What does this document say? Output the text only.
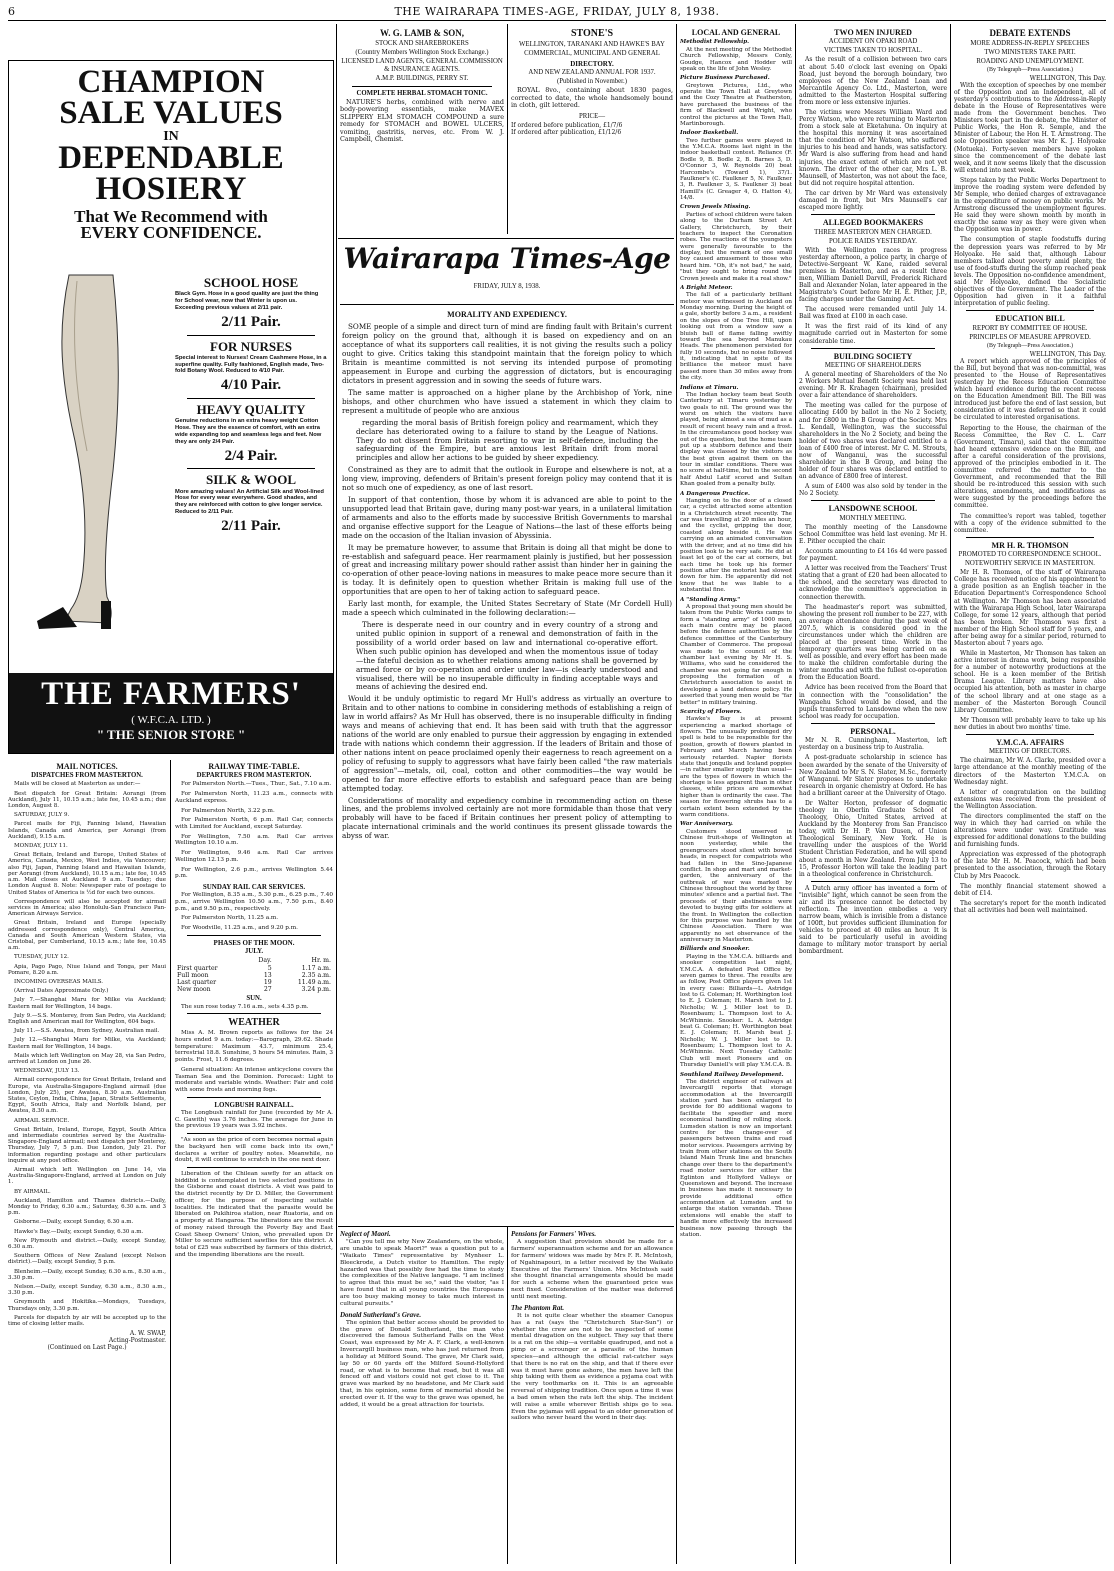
6	THE WAIRARAPA TIMES-AGE, FRIDAY, JULY 8, 1938.
CHAMPION
SALE VALUES
IN
DEPENDABLE
HOSIERY
That We Recommend with
EVERY CONFIDENCE.
SCHOOL HOSE
Black Gym. Hose in a good quality are just the thing for School wear, now that Winter is upon us. Exceeding previous values at 2/11 pair.
2/11 Pair.
FOR NURSES
Special interest to Nurses! Cream Cashmere Hose, in a superfine quality. Fully fashioned, English made, Two-fold Botany Wool. Reduced to 4/10 Pair.
4/10 Pair.
HEAVY QUALITY
Genuine reductions in an extra heavy weight Cotton Hose. They are the essence of comfort, with an extra wide expanding top and seamless legs and feet. Now they are only 2/4 Pair.
2/4 Pair.
SILK & WOOL
More amazing values! An Artificial Silk and Wool-lined Hose for every wear everywhere. Good shades, and they are reinforced with cotton to give longer service. Reduced to 2/11 Pair.
2/11 Pair.
THE FARMERS'
( W.F.C.A. LTD. )
" THE SENIOR STORE "
MAIL NOTICES.
DISPATCHES FROM MASTERTON.
Mails will be closed at Masterton as under:—
Best dispatch for Great Britain: Aorangi (from Auckland), July 11, 10.15 a.m.; late fee, 10.45 a.m.; due London, August 8.
SATURDAY, JULY 9.
Parcel mails for Fiji, Fanning Island, Hawaiian Islands, Canada and America, per Aorangi (from Auckland), 9.15 a.m.
MONDAY, JULY 11.
Great Britain, Ireland and Europe, United States of America, Canada, Mexico, West Indies, via Vancouver; also Fiji, Japan, Fanning Island and Hawaiian Islands, per Aorangi (from Auckland), 10.15 a.m.; late fee, 10.45 a.m. Mail closes at Auckland 9 a.m. Tuesday; due London August 8. Note: Newspaper rate of postage to United States of America is ½d for each two ounces.
Correspondence will also be accepted for airmail services in America; also Honolulu-San Francisco Pan-American Airways Service.
Great Britain, Ireland and Europe (specially addressed correspondence only), Central America, Canada and South American Western States, via Cristobal, per Cumberland, 10.15 a.m.; late fee, 10.45 a.m.
TUESDAY, JULY 12.
Apia, Pago Pago, Niue Island and Tonga, per Maui Pomare, 8.20 a.m.
INCOMING OVERSEAS MAILS.
(Arrival Dates Approximate Only.)
July 7.—Shanghai Maru for Milke via Auckland; Eastern mail for Wellington, 14 bags.
July 9.—S.S. Monterey, from San Pedro, via Auckland; English and American mail for Wellington, 604 bags.
July 11.—S.S. Awatea, from Sydney, Australian mail.
July 12.—Shanghai Maru for Milke, via Auckland; Eastern mail for Wellington, 14 bags.
Mails which left Wellington on May 28, via San Pedro, arrived at London on June 26.
WEDNESDAY, JULY 13.
Airmail correspondence for Great Britain, Ireland and Europe, via Australia-Singapore-England airmail (due London, July 25), per Awatea, 8.30 a.m. Australian States, Ceylon, India, China, Japan, Straits Settlements, Egypt, South Africa, Italy and Norfolk Island, per Awatea, 8.30 a.m.
AIRMAIL SERVICE.
Great Britain, Ireland, Europe, Egypt, South Africa and intermediate countries served by the Australia-Singapore-England airmail; next dispatch per Monterey, Thursday, July 7, 5 p.m. Due London, July 21. For information regarding postage and other particulars inquire at any post office.
Airmail which left Wellington on June 14, via Australia-Singapore-England, arrived at London on July 1.
BY AIRMAIL.
Auckland, Hamilton and Thames districts.—Daily, Monday to Friday, 6.30 a.m.; Saturday, 6.30 a.m. and 3 p.m.
Gisborne.—Daily, except Sunday, 6.30 a.m.
Hawke's Bay.—Daily, except Sunday, 6.30 a.m.
New Plymouth and district.—Daily, except Sunday, 6.30 a.m.
Southern Offices of New Zealand (except Nelson district).—Daily, except Sunday, 5 p.m.
Blenheim.—Daily, except Sunday, 6.30 a.m., 8.30 a.m., 3.30 p.m.
Nelson.—Daily, except Sunday, 6.30 a.m., 8.30 a.m., 3.30 p.m.
Greymouth and Hokitika.—Mondays, Tuesdays, Thursdays only, 3.30 p.m.
Parcels for dispatch by air will be accepted up to the time of closing letter mails.
A. W. SWAP,
Acting-Postmaster.
(Continued on Last Page.)
RAILWAY TIME-TABLE.
DEPARTURES FROM MASTERTON.
For Palmerston North.—Tues., Thur., Sat., 7.10 a.m.
For Palmerston North, 11.23 a.m., connects with Auckland express.
For Palmerston North, 3.22 p.m.
For Palmerston North, 6 p.m. Rail Car, connects with Limited for Auckland, except Saturday.
For Wellington, 7.50 a.m. Rail Car arrives Wellington 10.10 a.m.
For Wellington, 9.46 a.m. Rail Car arrives Wellington 12.13 p.m.
For Wellington, 2.6 p.m., arrives Wellington 5.44 p.m.
SUNDAY RAIL CAR SERVICES.
For Wellington, 8.35 a.m., 5.30 p.m., 6.25 p.m., 7.40 p.m., arrive Wellington 10.50 a.m., 7.50 p.m., 8.40 p.m., and 9.50 p.m., respectively.
For Palmerston North, 11.25 a.m.
For Woodville, 11.25 a.m., and 9.20 p.m.
PHASES OF THE MOON.
JULY.
	Day.	Hr. m.
First quarter	5	1.17 a.m.
Full moon	13	2.35 a.m.
Last quarter	19	11.49 a.m.
New moon	27	3.24 p.m.
SUN.
The sun rose today 7.16 a.m., sets 4.35 p.m.
WEATHER
Miss A. M. Brown reports as follows for the 24 hours ended 9 a.m. today:—Barograph, 29.62. Shade temperature: Maximum 43.7, minimum 25.4, terrestrial 18.8. Sunshine, 5 hours 54 minutes. Rain, 3 points. Frost, 11.6 degrees.
General situation: An intense anticyclone covers the Tasman Sea and the Dominion. Forecast: Light to moderate and variable winds. Weather: Fair and cold with some frosts and morning fogs.
LONGBUSH RAINFALL.
The Longbush rainfall for June (recorded by Mr A. C. Gawith) was 3.76 inches. The average for June in the previous 19 years was 3.92 inches.
"As soon as the price of corn becomes normal again the backyard hen will come back into its own," declares a writer of poultry notes. Meanwhile, no doubt, it will continue to scratch in the one next door.
Liberation of the Chilean sawfly for an attack on biddibid is contemplated in two selected positions in the Gisborne and coast districts. A visit was paid to the district recently by Dr D. Miller, the Government officer, for the purpose of inspecting suitable localities. He indicated that the parasite would be liberated on Pukihiroa station, near Ruatoria, and on a property at Hangaroa. The liberations are the result of money raised through the Poverty Bay and East Coast Sheep Owners' Union, who prevailed upon Dr Miller to secure sufficient sawflies for this district. A total of £25 was subscribed by farmers of this district, and the impending liberations are the result.
W. G. LAMB & SON,
STOCK AND SHAREBROKERS
(Country Members Wellington Stock Exchange.)
LICENSED LAND AGENTS, GENERAL COMMISSION & INSURANCE AGENTS.
A.M.P. BUILDINGS, PERRY ST.
COMPLETE HERBAL STOMACH TONIC.
NATURE'S herbs, combined with nerve and body-powering essentials, make MAVEX SLIPPERY ELM STOMACH COMPOUND a sure remedy for STOMACH and BOWEL ULCERS, vomiting, gastritis, nerves, etc. From W. J. Campbell, Chemist.
STONE'S
WELLINGTON, TARANAKI AND HAWKE'S BAY
COMMERCIAL, MUNICIPAL AND GENERAL
DIRECTORY.
AND NEW ZEALAND ANNUAL FOR 1937.
(Published in November.)
ROYAL 8vo., containing about 1830 pages, corrected to date, the whole handsomely bound in cloth, gilt lettered.
PRICE—
If ordered before publication, £1/7/6
If ordered after publication, £1/12/6
Wairarapa Times-Age
FRIDAY, JULY 8, 1938.
MORALITY AND EXPEDIENCY.
SOME people of a simple and direct turn of mind are finding fault with Britain's current foreign policy on the ground that, although it is based on expediency and on an acceptance of what its supporters call realities, it is not giving the results such a policy ought to give. Critics taking this standpoint maintain that the foreign policy to which Britain is meantime committed is not serving its intended purpose of promoting appeasement in Europe and curbing the aggression of dictators, but is encouraging dictators in present aggression and in sowing the seeds of future wars.
The same matter is approached on a higher plane by the Archbishop of York, nine bishops, and other churchmen who have issued a statement in which they claim to represent a multitude of people who are anxious
regarding the moral basis of British foreign policy and rearmament, which they declare has deteriorated owing to a failure to stand by the League of Nations. They do not dissent from Britain resorting to war in self-defence, including the safeguarding of the Empire, but are anxious lest Britain drift from moral principles and allow her actions to be guided by sheer expediency.
Constrained as they are to admit that the outlook in Europe and elsewhere is not, at a long view, improving, defenders of Britain's present foreign policy may contend that it is not so much one of expediency, as one of last resort.
In support of that contention, those by whom it is advanced are able to point to the unsupported lead that Britain gave, during many post-war years, in a unilateral limitation of armaments and also to the efforts made by successive British Governments to marshal and organise effective support for the League of Nations—the last of these efforts being made on the occasion of the Italian invasion of Abyssinia.
It may be premature however, to assume that Britain is doing all that might be done to re-establish and safeguard peace. Her rearmament plainly is justified, but her possession of great and increasing military power should rather assist than hinder her in gaining the co-operation of other peace-loving nations in measures to make peace more secure than it is today. It is definitely open to question whether Britain is making full use of the opportunities that are open to her of taking action to safeguard peace.
Early last month, for example, the United States Secretary of State (Mr Cordell Hull) made a speech which culminated in the following declaration:—
There is desperate need in our country and in every country of a strong and united public opinion in support of a renewal and demonstration of faith in the possibility of a world order based on law and international co-operative effort. When such public opinion has developed and when the momentous issue of today—the fateful decision as to whether relations among nations shall be governed by armed force or by co-operation and order under law—is clearly understood and visualised, there will be no insuperable difficulty in finding acceptable ways and means of achieving the desired end.
Would it be unduly optimistic to regard Mr Hull's address as virtually an overture to Britain and to other nations to combine in considering methods of establishing a reign of law in world affairs? As Mr Hull has observed, there is no insuperable difficulty in finding ways and means of achieving that end. It has been said with truth that the aggressor nations of the world are only enabled to pursue their aggression by engaging in extended trade with nations which condemn their aggression. If the leaders of Britain and those of other nations intent on peace proclaimed openly their eagerness to reach agreement on a policy of refusing to supply to aggressors what have fairly been called "the raw materials of aggression"—metals, oil, coal, cotton and other commodities—the way would be opened to far more effective efforts to establish and safeguard peace than are being attempted today.
Considerations of morality and expediency combine in recommending action on these lines, and the problems involved certainly are not more formidable than those that very probably will have to be faced if Britain continues her present policy of attempting to placate international criminals and the world continues its present glissade towards the abyss of war.
Neglect of Maori.
"Can you tell me why New Zealanders, on the whole, are unable to speak Maori?" was a question put to a "Waikato Times" representative by Mynheer L. Bleeckrode, a Dutch visitor to Hamilton. The reply hazarded was that possibly few had the time to study the complexities of the Native language. "I am inclined to agree that this must be so," said the visitor, "as I have found that in all young countries the Europeans are too busy making money to take much interest in cultural pursuits."
Donald Sutherland's Grave.
The opinion that better access should be provided to the grave of Donald Sutherland, the man who discovered the famous Sutherland Falls on the West Coast, was expressed by Mr A. F. Clark, a well-known Invercargill business man, who has just returned from a holiday at Milford Sound. The grave, Mr Clark said, lay 50 or 60 yards off the Milford Sound-Hollyford road, or what is to become that road, but it was all fenced off and visitors could not get close to it. The grave was marked by no headstone, and Mr Clark said that, in his opinion, some form of memorial should be erected over it. If the way to the grave was opened, he added, it would be a great attraction for tourists.
Pensions for Farmers' Wives.
A suggestion that provision should be made for a farmers' superannuation scheme and for an allowance for farmers' widows was made by Mrs F. R. McIntosh, of Ngahinapouri, in a letter received by the Waikato Executive of the Farmers' Union. Mrs McIntosh said she thought financial arrangements should be made for such a scheme when the guaranteed price was next fixed. Consideration of the matter was deferred until next meeting.
The Phantom Rat.
It is not quite clear whether the steamer Canopus has a rat (says the "Christchurch Star-Sun") or whether the crew are not to be suspected of some mental divagation on the subject. They say that there is a rat on the ship—a veritable quadruped, and not a pimp or a scrounger or a parasite of the human species—and although the official rat-catcher says that there is no rat on the ship, and that if there ever was it must have gone ashore, the men have left the ship taking with them as evidence a pyjama coat with the very toothmarks on it. This is an agreeable reversal of shipping tradition. Once upon a time it was a bad omen when the rats left the ship. The incident will raise a smile wherever British ships go to sea. Even the pyjamas will appeal to an older generation of sailors who never heard the word in their day.
LOCAL AND GENERAL
Methodist Fellowship.
At the next meeting of the Methodist Church Fellowship, Messrs Conly, Goudge, Hancox and Hodder will speak on the life of John Wesley.
Picture Business Purchased.
Greytown Pictures, Ltd., who operate the Town Hall at Greytown and the Cozy Theatre at Featherston, have purchased the business of the firm of Blackwell and Wright, who control the pictures at the Town Hall, Martinborough.
Indoor Basketball.
Two further games were played in the Y.M.C.A. Rooms last night in the indoor basketball contest. Reliance (F. Bodle 9, B. Bodle 2, B. Barnes 3, D. O'Connor 3, W. Reynolds 20) beat Harcombe's (Toward 1), 37/1. Faulkner's (C. Faulkner 5, N. Faulkner 3, R. Faulkner 3, S. Faulkner 3) beat Hamill's (C. Greager 4, O. Hatton 4), 14/8.
Crown Jewels Missing.
Parties of school children were taken along to the Durham Street Art Gallery, Christchurch, by their teachers to inspect the Coronation robes. The reactions of the youngsters were generally favourable to the display, but the remark of one small boy caused amusement to those who heard him. "Oh, it's not bad," he said, "but they ought to bring round the Crown jewels and make it a real show."
A Bright Meteor.
The fall of a particularly brilliant meteor was witnessed in Auckland on Monday morning. During the height of a gale, shortly before 3 a.m., a resident on the slopes of One Tree Hill, upon looking out from a window saw a bluish ball of flame falling swiftly toward the sea beyond Manukau Heads. The phenomenon persisted for fully 10 seconds, but no noise followed it, indicating that in spite of its brilliance the meteor must have passed more than 30 miles away from the city.
Indians at Timaru.
The Indian hockey team beat South Canterbury at Timaru yesterday by two goals to nil. The ground was the worst on which the visitors have played, being almost a sea of mud as a result of recent heavy rain and a frost. In the circumstances good hockey was out of the question, but the home team put up a stubborn defence and their display was classed by the visitors as the best given against them on the tour in similar conditions. There was no score at half-time, but in the second half Abdul Latif scored and Sultan Khan goaled from a penalty bully.
A Dangerous Practice.
Hanging on to the door of a closed car, a cyclist attracted some attention in a Christchurch street recently. The car was travelling at 20 miles an hour, and the cyclist, gripping the door, coasted along beside it. He was carrying on an animated conversation with the driver, and at no time did his position look to be very safe. He did at least let go of the car at corners, but each time he took up his former position after the motorist had slowed down for him. He apparently did not know that he was liable to a substantial fine.
A "Standing Army."
A proposal that young men should be taken from the Public Works camps to form a "standing army" of 1000 men, each main centre may be placed before the defence authorities by the defence committee of the Canterbury Chamber of Commerce. The proposal was made to the council of the chamber last evening by Mr H. S. Williams, who said he considered the chamber was not going far enough in proposing the formation of a Christchurch association to assist in developing a land defence policy. He asserted that young men would be "far better" in military training.
Scarcity of Flowers.
Hawke's Bay is at present experiencing a marked shortage of flowers. The unusually prolonged dry spell is held to be responsible for the position, growth of flowers planted in February and March having been seriously retarded. Napier florists state that jonquils and Iceland poppies—in rather smaller supply than usual—are the types of flowers in which the shortage is less apparent than in other classes, while prices are somewhat higher than is ordinarily the case. The season for flowering shrubs has to a certain extent been extended by the warm conditions.
War Anniversary.
Customers stood unserved in Chinese fruit-shops of Wellington at noon yesterday, while the greengrocers stood silent with bowed heads, in respect for compatriots who had fallen in the Sino-Japanese conflict. In shop and mart and market-garden, the anniversary of the outbreak of war was marked by Chinese throughout the world by three minutes' silence and a partial fast. The proceeds of their abstinence were devoted to buying gifts for soldiers at the front. In Wellington the collection for this purpose was handled by the Chinese Association. There was apparently no set observance of the anniversary in Masterton.
Billiards and Snooker.
Playing in the Y.M.C.A. billiards and snooker competition last night, Y.M.C.A. A defeated Post Office by seven games to three. The results are as follow, Post Office players given 1st in every case: Billiards—L. Astridge lost to G. Coleman; H. Worthington lost to E. J. Coleman; H. Marsh lost to J. Nicholls; W. J. Miller lost to D. Rosenbaum; L. Thompson lost to A. McWhinnie. Snooker: L. A. Astridge beat G. Coleman; H. Worthington beat E. J. Coleman; H. Marsh beat J. Nicholls; W. J. Miller lost to D. Rosenbaum; L. Thompson lost to A. McWhinnie. Next Tuesday Catholic Club will meet Pioneers and on Thursday Daniell's will play Y.M.C.A. B.
Southland Railway Development.
The district engineer of railways at Invercargill reports that storage accommodation at the Invercargill station yard has been enlarged to provide for 80 additional wagons to facilitate the speedier and more economical handling of rolling stock. Lumsden station is now an important centre for the change-over of passengers between trains and road motor services. Passengers arriving by train from other stations on the South Island Main Trunk line and branches change over there to the department's road motor services for either the Eglinton and Hollyford Valleys or Queenstown and beyond. The increase in business has made it necessary to provide additional office accommodation at Lumsden and to enlarge the station verandah. These extensions will enable the staff to handle more effectively the increased business now passing through the station.
TWO MEN INJURED
ACCIDENT ON OPAKI ROAD
VICTIMS TAKEN TO HOSPITAL.
As the result of a collision between two cars at about 5.40 o'clock last evening on Opaki Road, just beyond the borough boundary, two employees of the New Zealand Loan and Mercantile Agency Co. Ltd., Masterton, were admitted to the Masterton Hospital suffering from more or less extensive injuries.
The victims were Messrs William Ward and Percy Watson, who were returning to Masterton from a stock sale at Eketahuna. On inquiry at the hospital this morning it was ascertained that the condition of Mr Watson, who suffered injuries to his head and hands, was satisfactory. Mr Ward is also suffering from head and hand injuries, the exact extent of which are not yet known. The driver of the other car, Mrs L. B. Maunsell, of Masterton, was not about the face, but did not require hospital attention.
The car driven by Mr Ward was extensively damaged in front, but Mrs Maunsell's car escaped more lightly.
ALLEGED BOOKMAKERS
THREE MASTERTON MEN CHARGED.
POLICE RAIDS YESTERDAY.
With the Wellington races in progress yesterday afternoon, a police party, in charge of Detective-Sergeant W. Kane, raided several premises in Masterton, and as a result three men, William Daniell Darvill, Frederick Richard Ball and Alexander Nolan, later appeared in the Magistrate's Court before Mr H. E. Pither, J.P., facing charges under the Gaming Act.
The accused were remanded until July 14. Bail was fixed at £100 in each case.
It was the first raid of its kind of any magnitude carried out in Masterton for some considerable time.
BUILDING SOCIETY
MEETING OF SHAREHOLDERS
A general meeting of Shareholders of the No 2 Workers Mutual Benefit Society was held last evening. Mr R. Krahagen (chairman), presided over a fair attendance of shareholders.
The meeting was called for the purpose of allocating £400 by ballot in the No 2 Society, and for £800 in the B Group of the Society. Mrs L. Kendall, Wellington, was the successful shareholders in the No 2 Society, and being the holder of two shares was declared entitled to a loan of £400 free of interest. Mr C. M. Strouts, now of Wanganui, was the successful shareholder in the B Group, and being the holder of four shares was declared entitled to an advance of £800 free of interest.
A sum of £400 was also sold by tender in the No 2 Society.
LANSDOWNE SCHOOL
MONTHLY MEETING.
The monthly meeting of the Lansdowne School Committee was held last evening. Mr H. E. Pither occupied the chair.
Accounts amounting to £4 16s 4d were passed for payment.
A letter was received from the Teachers' Trust stating that a grant of £20 had been allocated to the school, and the secretary was directed to acknowledge the committee's appreciation in connection therewith.
The headmaster's report was submitted, showing the present roll number to be 227, with an average attendance during the past week of 207.5, which is considered good in the circumstances under which the children are placed at the present time. Work in the temporary quarters was being carried on as well as possible, and every effort has been made to make the children comfortable during the winter months and with the fullest co-operation from the Education Board.
Advice has been received from the Board that in connection with the "consolidation" the Wangaehu School would be closed, and the pupils transferred to Lansdowne when the new school was ready for occupation.
PERSONAL.
Mr N. R. Cunningham, Masterton, left yesterday on a business trip to Australia.
A post-graduate scholarship in science has been awarded by the senate of the University of New Zealand to Mr S. N. Slater, M.Sc., formerly of Wanganui. Mr Slater proposes to undertake research in organic chemistry at Oxford. He has had a brilliant career at the University of Otago.
Dr Walter Horton, professor of dogmatic theology in Oberlin Graduate School of Theology, Ohio, United States, arrived at Auckland by the Monterey from San Francisco today, with Dr H. P. Van Dusen, of Union Theological Seminary, New York. He is travelling under the auspices of the World Student Christian Federation, and he will spend about a month in New Zealand. From July 13 to 15, Professor Horton will take the leading part in a theological conference in Christchurch.
A Dutch army officer has invented a form of "invisible" light, which cannot be seen from the air and its presence cannot be detected by reflection. The invention embodies a very narrow beam, which is invisible from a distance of 100ft, but provides sufficient illumination for vehicles to proceed at 40 miles an hour. It is said to be particularly useful in avoiding damage to military motor transport by aerial bombardment.
DEBATE EXTENDS
MORE ADDRESS-IN-REPLY SPEECHES
TWO MINISTERS TAKE PART.
ROADING AND UNEMPLOYMENT.
(By Telegraph—Press Association.)
WELLINGTON, This Day.
With the exception of speeches by one member of the Opposition and an Independent, all of yesterday's contributions to the Address-in-Reply debate in the House of Representatives were made from the Government benches. Two Ministers took part in the debate, the Minister of Public Works, the Hon R. Semple, and the Minister of Labour, the Hon H. T. Armstrong. The sole Opposition speaker was Mr K. J. Holyoake (Motueka). Forty-seven members have spoken since the commencement of the debate last week, and it now seems likely that the discussion will extend into next week.
Steps taken by the Public Works Department to improve the roading system were defended by Mr Semple, who denied charges of extravagance in the expenditure of money on public works. Mr Armstrong discussed the unemployment figures. He said they were shown month by month in exactly the same way as they were given when the Opposition was in power.
The consumption of staple foodstuffs during the depression years was referred to by Mr Holyoake. He said that, although Labour members talked about poverty amid plenty, the use of food-stuffs during the slump reached peak levels. The Opposition no-confidence amendment, said Mr Holyoake, defined the Socialistic objectives of the Government. The Leader of the Opposition had given in it a faithful interpretation of public feeling.
EDUCATION BILL
REPORT BY COMMITTEE OF HOUSE.
PRINCIPLES OF MEASURE APPROVED.
(By Telegraph—Press Association.)
WELLINGTON, This Day.
A report which approved of the principles of the Bill, but beyond that was non-committal, was presented to the House of Representatives yesterday by the Recess Education Committee which heard evidence during the recent recess on the Education Amendment Bill. The Bill was introduced just before the end of last session, but consideration of it was deferred so that it could be circulated to interested organisations.
Reporting to the House, the chairman of the Recess Committee, the Rev C. L. Carr (Government, Timaru), said that the committee had heard extensive evidence on the Bill, and after a careful consideration of the provisions, approved of the principles embodied in it. The committee referred the matter to the Government, and recommended that the Bill should be re-introduced this session with such alterations, amendments, and modifications as were suggested by the proceedings before the committee.
The committee's report was tabled, together with a copy of the evidence submitted to the committee.
MR H. R. THOMSON
PROMOTED TO CORRESPONDENCE SCHOOL.
NOTEWORTHY SERVICE IN MASTERTON.
Mr H. R. Thomson, of the staff of Wairarapa College has received notice of his appointment to a grade position as an English teacher in the Education Department's Correspondence School at Wellington. Mr Thomson has been associated with the Wairarapa High School, later Wairarapa College, for some 12 years, although that period has been broken. Mr Thomson was first a member of the High School staff for 5 years, and after being away for a similar period, returned to Masterton about 7 years ago.
While in Masterton, Mr Thomson has taken an active interest in drama work, being responsible for a number of noteworthy productions at the school. He is a keen member of the British Drama League. Library matters have also occupied his attention, both as master in charge of the school library and at one stage as a member of the Masterton Borough Council Library Committee.
Mr Thomson will probably leave to take up his new duties in about two months' time.
Y.M.C.A. AFFAIRS
MEETING OF DIRECTORS.
The chairman, Mr W. A. Clarke, presided over a large attendance at the monthly meeting of the directors of the Masterton Y.M.C.A. on Wednesday night.
A letter of congratulation on the building extensions was received from the president of the Wellington Association.
The directors complimented the staff on the way in which they had carried on while the alterations were under way. Gratitude was expressed for additional donations to the building and furnishing funds.
Appreciation was expressed of the photograph of the late Mr H. M. Peacock, which had been presented to the association, through the Rotary Club by Mrs Peacock.
The monthly financial statement showed a debit of £14.
The secretary's report for the month indicated that all activities had been well maintained.
